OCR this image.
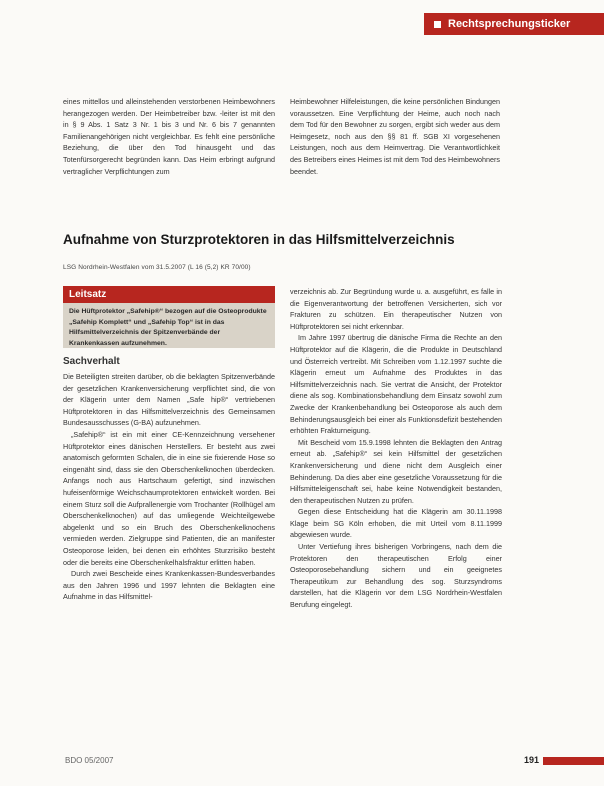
Rechtsprechungsticker

eines mittellos und alleinstehenden verstorbenen Heimbewohners herangezogen werden. Der Heimbetreiber bzw. -leiter ist mit den in § 9 Abs. 1 Satz 3 Nr. 1 bis 3 und Nr. 6 bis 7 genannten Familienangehörigen nicht vergleichbar. Es fehlt eine persönliche Beziehung, die über den Tod hinausgeht und das Totenfürsorgerecht begründen kann. Das Heim erbringt aufgrund vertraglicher Verpflichtungen zum

Heimbewohner Hilfeleistungen, die keine persönlichen Bindungen voraussetzen. Eine Verpflichtung der Heime, auch noch nach dem Tod für den Bewohner zu sorgen, ergibt sich weder aus dem Heimgesetz, noch aus den §§ 81 ff. SGB XI vorgesehenen Leistungen, noch aus dem Heimvertrag. Die Verantwortlichkeit des Betreibers eines Heimes ist mit dem Tod des Heimbewohners beendet.

Aufnahme von Sturzprotektoren in das Hilfsmittelverzeichnis
LSG Nordrhein-Westfalen vom 31.5.2007 (L 16 (5,2) KR 70/00)
Leitsatz
Die Hüftprotektor „Safehip®“ bezogen auf die Osteoprodukte „Safehip Komplett“ und „Safehip Top“ ist in das Hilfsmittelverzeichnis der Spitzenverbände der Krankenkassen aufzunehmen.
Sachverhalt

Die Beteiligten streiten darüber, ob die beklagten Spitzenverbände der gesetzlichen Krankenversicherung verpflichtet sind, die von der Klägerin unter dem Namen „Safe hip®“ vertriebenen Hüftprotektoren in das Hilfsmittelverzeichnis des Gemeinsamen Bundesausschusses (G-BA) aufzunehmen.

„Safehip®“ ist ein mit einer CE-Kennzeichnung versehener Hüftprotektor eines dänischen Herstellers. Er besteht aus zwei anatomisch geformten Schalen, die in eine sie fixierende Hose so eingenäht sind, dass sie den Oberschenkelknochen überdecken. Anfangs noch aus Hartschaum gefertigt, sind inzwischen hufeisenförmige Weichschaumprotektoren entwickelt worden. Bei einem Sturz soll die Aufprallenergie vom Trochanter (Rollhügel am Oberschenkelknochen) auf das umliegende Weichteilgewebe abgelenkt und so ein Bruch des Oberschenkelknochens vermieden werden. Zielgruppe sind Patienten, die an manifester Osteoporose leiden, bei denen ein erhöhtes Sturzrisiko besteht oder die bereits eine Oberschenkelhalsfraktur erlitten haben.

Durch zwei Bescheide eines Krankenkassen-Bundesverbandes aus den Jahren 1996 und 1997 lehnten die Beklagten eine Aufnahme in das Hilfsmittel-

verzeichnis ab. Zur Begründung wurde u. a. ausgeführt, es falle in die Eigenverantwortung der betroffenen Versicherten, sich vor Frakturen zu schützen. Ein therapeutischer Nutzen von Hüftprotektoren sei nicht erkennbar.

Im Jahre 1997 übertrug die dänische Firma die Rechte an den Hüftprotektor auf die Klägerin, die die Produkte in Deutschland und Österreich vertreibt. Mit Schreiben vom 1.12.1997 suchte die Klägerin erneut um Aufnahme des Produktes in das Hilfsmittelverzeichnis nach. Sie vertrat die Ansicht, der Protektor diene als sog. Kombinationsbehandlung dem Einsatz sowohl zum Zwecke der Krankenbehandlung bei Osteoporose als auch dem Behinderungsausgleich bei einer als Funktionsdefizit bestehenden erhöhten Frakturneigung.

Mit Bescheid vom 15.9.1998 lehnten die Beklagten den Antrag erneut ab. „Safehip®“ sei kein Hilfsmittel der gesetzlichen Krankenversicherung und diene nicht dem Ausgleich einer Behinderung. Da dies aber eine gesetzliche Voraussetzung für die Hilfsmitteleigenschaft sei, habe keine Notwendigkeit bestanden, den therapeutischen Nutzen zu prüfen.

Gegen diese Entscheidung hat die Klägerin am 30.11.1998 Klage beim SG Köln erhoben, die mit Urteil vom 8.11.1999 abgewiesen wurde.

Unter Vertiefung ihres bisherigen Vorbringens, nach dem die Protektoren den therapeutischen Erfolg einer Osteoporosebehandlung sichern und ein geeignetes Therapeutikum zur Behandlung des sog. Sturzsyndroms darstellen, hat die Klägerin vor dem LSG Nordrhein-Westfalen Berufung eingelegt.

BDO 05/2007	191
